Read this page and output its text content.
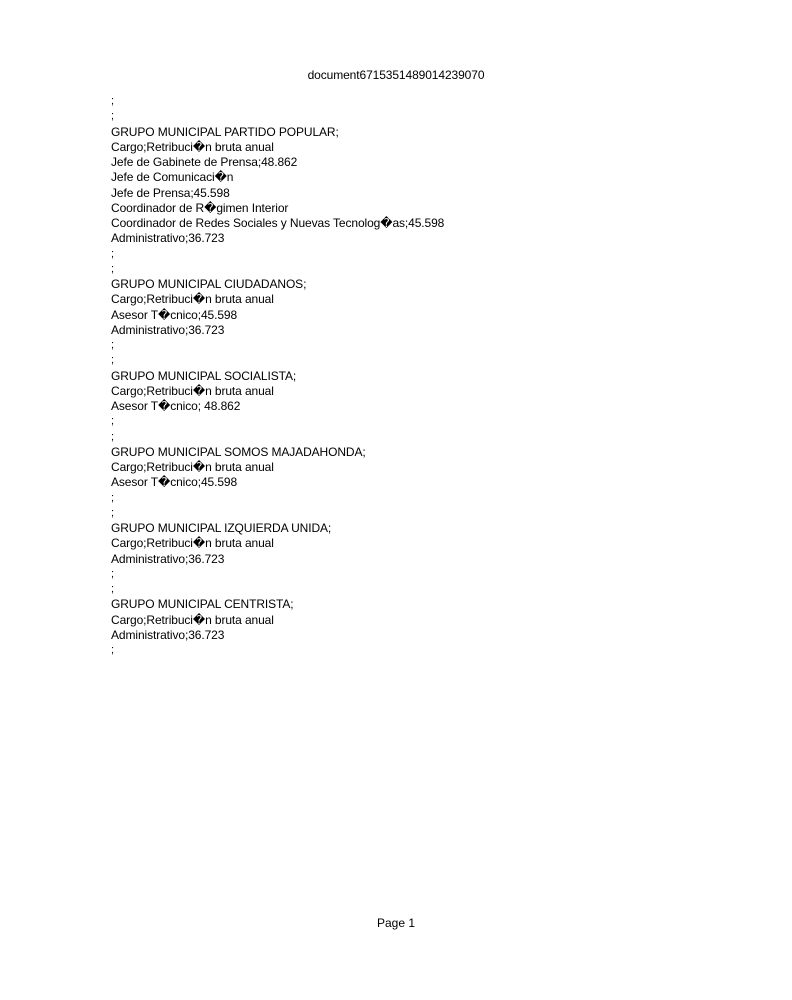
document6715351489014239070
;
;
GRUPO MUNICIPAL PARTIDO POPULAR;
Cargo;Retribuci�n bruta anual
Jefe de Gabinete de Prensa;48.862
Jefe de Comunicaci�n
Jefe de Prensa;45.598
Coordinador de R�gimen Interior
Coordinador de Redes Sociales y Nuevas Tecnolog�as;45.598
Administrativo;36.723
;
;
GRUPO MUNICIPAL CIUDADANOS;
Cargo;Retribuci�n bruta anual
Asesor T�cnico;45.598
Administrativo;36.723
;
;
GRUPO MUNICIPAL SOCIALISTA;
Cargo;Retribuci�n bruta anual
Asesor T�cnico; 48.862
;
;
GRUPO MUNICIPAL SOMOS MAJADAHONDA;
Cargo;Retribuci�n bruta anual
Asesor T�cnico;45.598
;
;
GRUPO MUNICIPAL IZQUIERDA UNIDA;
Cargo;Retribuci�n bruta anual
Administrativo;36.723
;
;
GRUPO MUNICIPAL CENTRISTA;
Cargo;Retribuci�n bruta anual
Administrativo;36.723
;
Page 1
